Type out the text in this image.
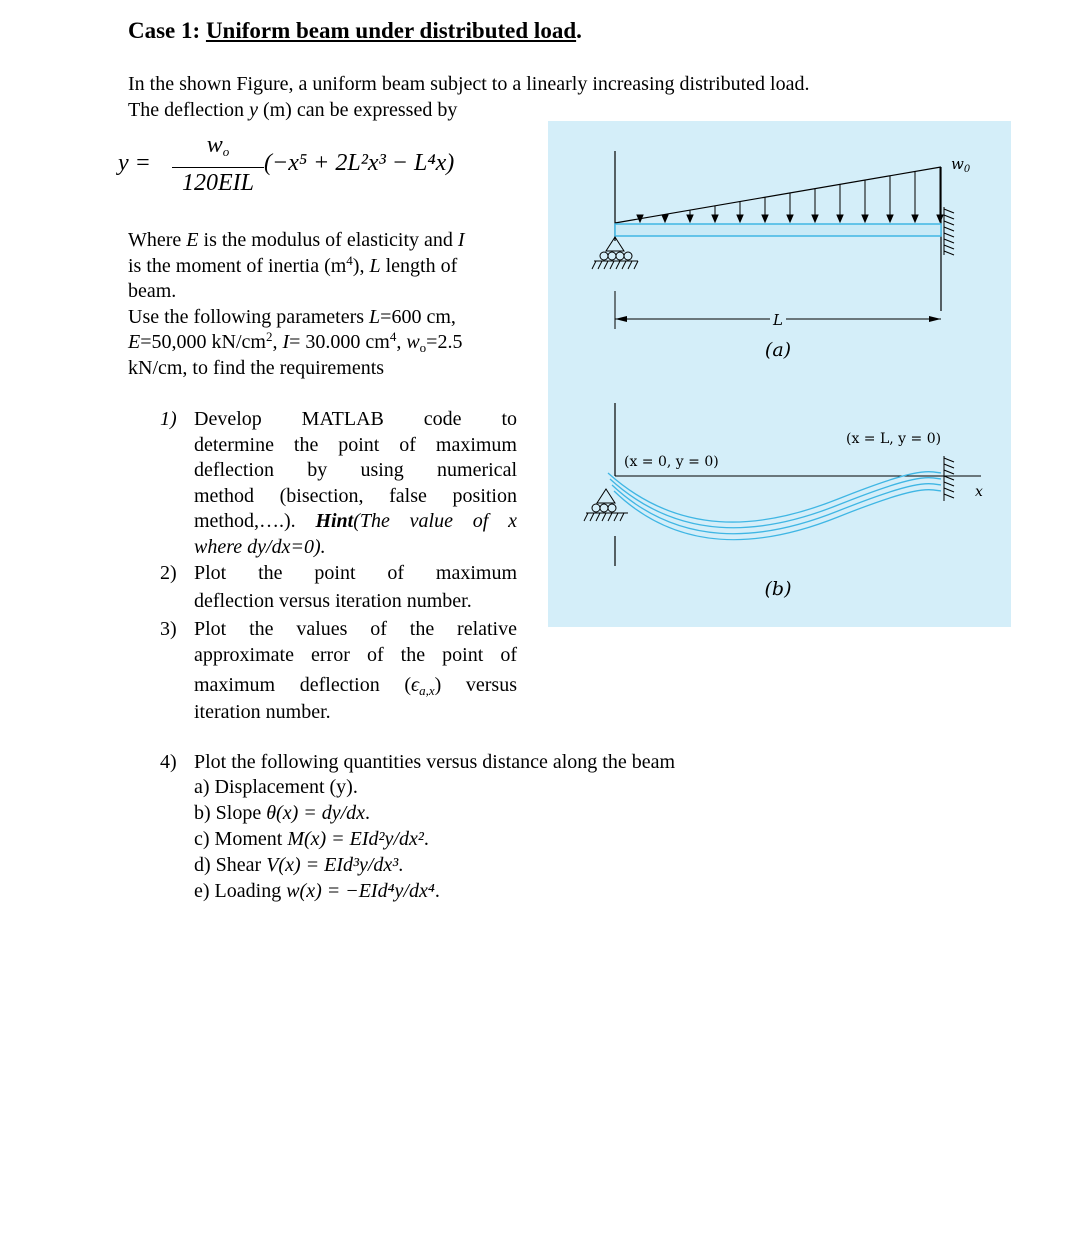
Case 1: Uniform beam under distributed load.
In the shown Figure, a uniform beam subject to a linearly increasing distributed load.
The deflection y (m) can be expressed by
y =
$w_o$
120EIL
(−x⁵ + 2L²x³ − L⁴x)
Where E is the modulus of elasticity and I
is the moment of inertia $(m^4)$, L length of
beam.
Use the following parameters L=600 cm,
E=50,000 $kN/cm^2$, I= 30.000 $cm^4$, $w_o=2.5$
kN/cm, to find the requirements
1) Develop MATLAB code to
determine the point of maximum
deflection by using numerical
method (bisection, false position
method,….). Hint(The value of x
where dy/dx=0).
2) Plot the point of maximum
deflection versus iteration number.
3) Plot the values of the relative
approximate error of the point of
maximum deflection $(\epsilon_{a,x})$ versus
iteration number.
4) Plot the following quantities versus distance along the beam
a) Displacement (y).
b) Slope θ(x) = dy/dx.
c) Moment M(x) = EId²y/dx².
d) Shear V(x) = EId³y/dx³.
e) Loading w(x) = −EId⁴y/dx⁴.
$w_0$
L
(a)
x
(x = 0, y = 0)
(x = L, y = 0)
(b)
